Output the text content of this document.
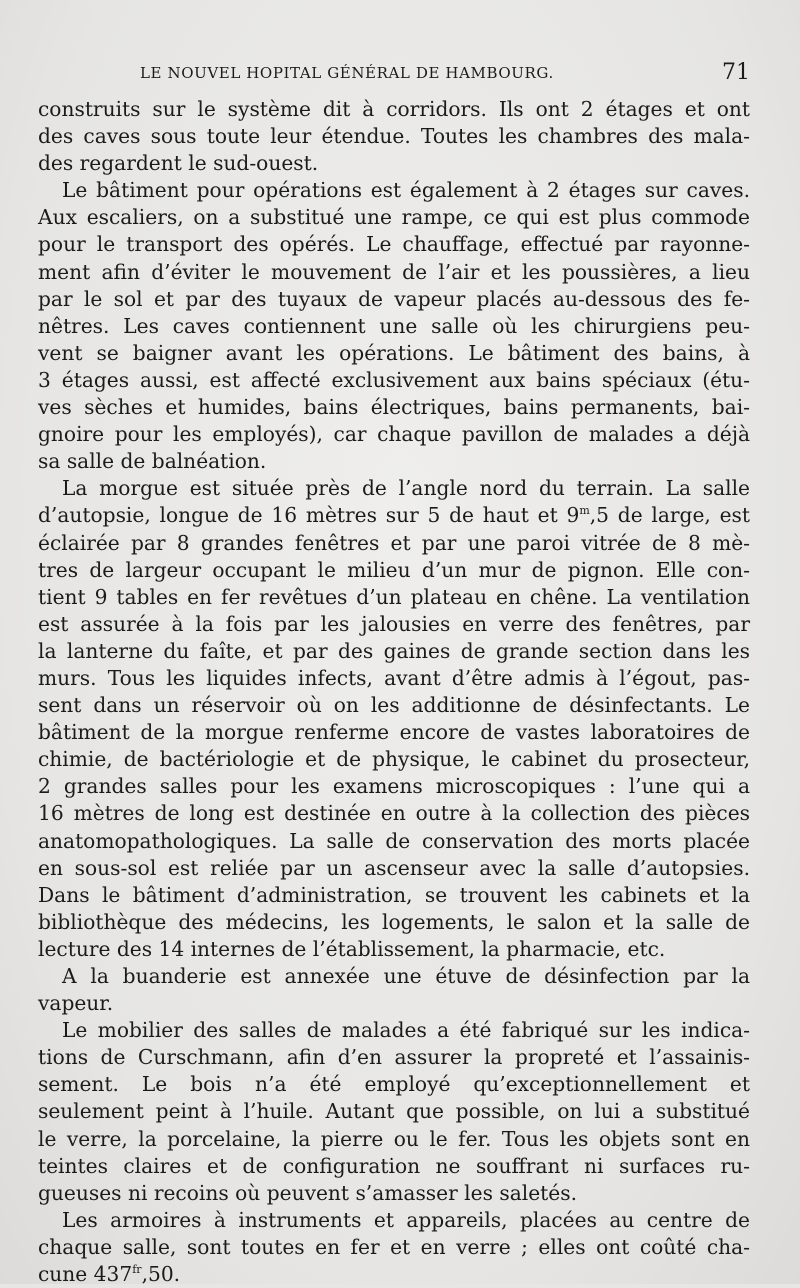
LE NOUVEL HOPITAL GÉNÉRAL DE HAMBOURG.	71

construits sur le système dit à corridors. Ils ont 2 étages et ont

des caves sous toute leur étendue. Toutes les chambres des mala-

des regardent le sud-ouest.

Le bâtiment pour opérations est également à 2 étages sur caves.

Aux escaliers, on a substitué une rampe, ce qui est plus commode

pour le transport des opérés. Le chauffage, effectué par rayonne-

ment afin d’éviter le mouvement de l’air et les poussières, a lieu

par le sol et par des tuyaux de vapeur placés au-dessous des fe-

nêtres. Les caves contiennent une salle où les chirurgiens peu-

vent se baigner avant les opérations. Le bâtiment des bains, à

3 étages aussi, est affecté exclusivement aux bains spéciaux (étu-

ves sèches et humides, bains électriques, bains permanents, bai-

gnoire pour les employés), car chaque pavillon de malades a déjà

sa salle de balnéation.

La morgue est située près de l’angle nord du terrain. La salle

d’autopsie, longue de 16 mètres sur 5 de haut et 9$^m$,5 de large, est

éclairée par 8 grandes fenêtres et par une paroi vitrée de 8 mè-

tres de largeur occupant le milieu d’un mur de pignon. Elle con-

tient 9 tables en fer revêtues d’un plateau en chêne. La ventilation

est assurée à la fois par les jalousies en verre des fenêtres, par

la lanterne du faîte, et par des gaines de grande section dans les

murs. Tous les liquides infects, avant d’être admis à l’égout, pas-

sent dans un réservoir où on les additionne de désinfectants. Le

bâtiment de la morgue renferme encore de vastes laboratoires de

chimie, de bactériologie et de physique, le cabinet du prosecteur,

2 grandes salles pour les examens microscopiques : l’une qui a

16 mètres de long est destinée en outre à la collection des pièces

anatomopathologiques. La salle de conservation des morts placée

en sous-sol est reliée par un ascenseur avec la salle d’autopsies.

Dans le bâtiment d’administration, se trouvent les cabinets et la

bibliothèque des médecins, les logements, le salon et la salle de

lecture des 14 internes de l’établissement, la pharmacie, etc.

A la buanderie est annexée une étuve de désinfection par la vapeur.

Le mobilier des salles de malades a été fabriqué sur les indica-

tions de Curschmann, afin d’en assurer la propreté et l’assainis-

sement. Le bois n’a été employé qu’exceptionnellement et

seulement peint à l’huile. Autant que possible, on lui a substitué

le verre, la porcelaine, la pierre ou le fer. Tous les objets sont en

teintes claires et de configuration ne souffrant ni surfaces ru-

gueuses ni recoins où peuvent s’amasser les saletés.

Les armoires à instruments et appareils, placées au centre de

chaque salle, sont toutes en fer et en verre ; elles ont coûté cha-

cune $437^{fr},50$.
